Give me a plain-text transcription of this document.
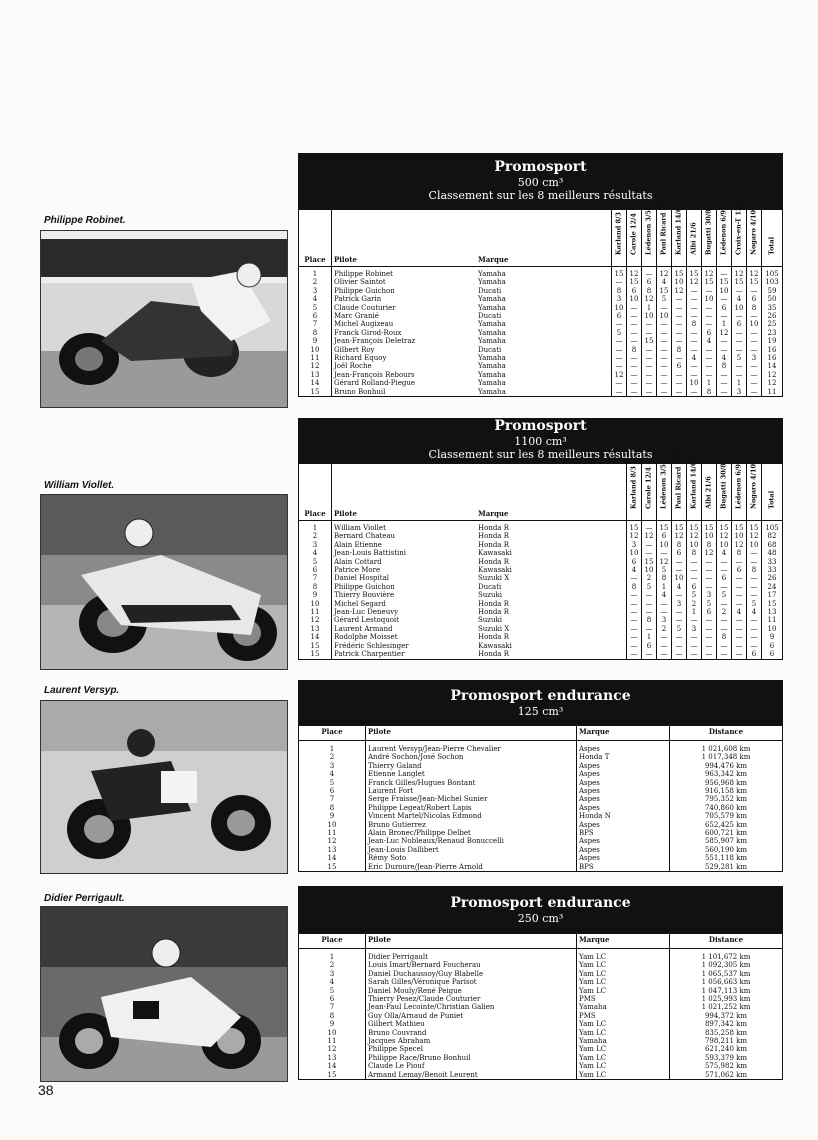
Philippe Robinet.
William Viollet.
Laurent Versyp.
Didier Perrigault.
Promosport
500 cm³
Classement sur les 8 meilleurs résultats
Place	Pilote	Marque	Karland 8/3	Carole 12/4	Lédenon 3/5	Paul Ricard 8/6	Karland 14/6	Albi 21/6	Bugatti 30/8	Lédenon 6/9	Croix-en-T 13/9	Nogaro 4/10	Total

1	Philippe Robinet	Yamaha	15	12	—	12	15	15	12	—	12	12	105
2	Olivier Saintot	Yamaha	—	15	6	4	10	12	15	15	15	15	103
3	Philippe Guichon	Ducati	8	6	8	15	12	—	—	10	—	—	59
4	Patrick Garin	Yamaha	3	10	12	5	—	—	10	—	4	6	50
5	Claude Couturier	Yamaha	10	—	1	—	—	—	—	6	10	8	35
6	Marc Granié	Ducati	6	—	10	10	—	—	—	—	—	—	26
7	Michel Augizeau	Yamaha	—	—	—	—	—	8	—	1	6	10	25
8	Franck Girod-Roux	Yamaha	5	—	—	—	—	—	6	12	—	—	23
9	Jean-François Deletraz	Yamaha	—	—	15	—	—	—	4	—	—	—	19
10	Gilbert Roy	Ducati	—	8	—	—	8	—	—	—	—	—	16
11	Richard Equoy	Yamaha	—	—	—	—	—	4	—	4	5	3	16
12	Joël Roche	Yamaha	—	—	—	—	6	—	—	8	—	—	14
13	Jean-François Rebours	Yamaha	12	—	—	—	—	—	—	—	—	—	12
14	Gérard Rolland-Piegue	Yamaha	—	—	—	—	—	10	1	—	1	—	12
15	Bruno Bonhuil	Yamaha	—	—	—	—	—	—	8	—	3	—	11
Promosport
1100 cm³
Classement sur les 8 meilleurs résultats
Place	Pilote	Marque	Karland 8/3	Carole 12/4	Lédenon 3/5	Paul Ricard 8/6	Karland 14/6	Albi 21/6	Bugatti 30/8	Lédenon 6/9	Nogaro 4/10	Total

1	William Viollet	Honda R	15	—	15	15	15	15	15	15	15	105
2	Bernard Chateau	Honda R	12	12	6	12	12	10	12	10	12	82
3	Alain Etienne	Honda R	3	—	10	8	10	8	10	12	10	68
4	Jean-Louis Battistini	Kawasaki	10	—	—	6	8	12	4	8	—	48
5	Alain Cottard	Honda R	6	15	12	—	—	—	—	—	—	33
6	Patrice More	Kawasaki	4	10	5	—	—	—	—	6	8	33
7	Daniel Hospital	Suzuki X	—	2	8	10	—	—	6	—	—	26
8	Philippe Guichon	Ducati	8	5	1	4	6	—	—	—	—	24
9	Thierry Bouvière	Suzuki	—	—	4	—	5	3	5	—	—	17
10	Michel Segard	Honda R	—	—	—	3	2	5	—	—	5	15
11	Jean-Luc Deneuvy	Honda R	—	—	—	—	1	6	2	4	4	13
12	Gérard Lestoquoit	Suzuki	—	8	3	—	—	—	—	—	—	11
13	Laurent Armand	Suzuki X	—	—	2	5	3	—	—	—	—	10
14	Rodolphe Moisset	Honda R	—	1	—	—	—	—	8	—	—	9
15	Frédéric Schlesinger	Kawasaki	—	6	—	—	—	—	—	—	—	6
15	Patrick Charpentier	Honda R	—	—	—	—	—	—	—	—	6	6
Promosport endurance
125 cm³
Place	Pilote	Marque	Distance
1	Laurent Versyp/Jean-Pierre Chevalier	Aspes	1 021,608 km
2	André Sochon/José Sochon	Honda T	1 017,348 km
3	Thierry Galand	Aspes	994,476 km
4	Etienne Langlet	Aspes	963,342 km
5	Franck Gilles/Hugues Bontant	Aspes	956,968 km
6	Laurent Fort	Aspes	916,158 km
7	Serge Fraisse/Jean-Michel Sunier	Aspes	795,352 km
8	Philippe Legeat/Robert Lapis	Aspes	740,860 km
9	Vincent Martel/Nicolas Edmond	Honda N	705,579 km
10	Bruno Gutierrez	Aspes	652,425 km
11	Alain Bronec/Philippe Delbet	BPS	600,721 km
12	Jean-Luc Nobleaux/Renaud Bonuccelli	Aspes	585,907 km
13	Jean-Louis Dallibert	Aspes	560,190 km
14	Rémy Soto	Aspes	551,118 km
15	Eric Duroure/Jean-Pierre Arnold	BPS	529,281 km
Promosport endurance
250 cm³
Place	Pilote	Marque	Distance
1	Didier Perrigault	Yam LC	1 101,672 km
2	Louis Imart/Bernard Foucherau	Yam LC	1 092,305 km
3	Daniel Duchaussoy/Guy Blabelle	Yam LC	1 065,537 km
4	Sarah Gilles/Véronique Parisot	Yam LC	1 056,663 km
5	Daniel Mouly/René Peigue	Yam LC	1 047,113 km
6	Thierry Pesez/Claude Couturier	PMS	1 025,993 km
7	Jean-Paul Lecointe/Christian Galien	Yamaha	1 021,252 km
8	Guy Olla/Arnaud de Puniet	PMS	994,372 km
9	Gilbert Mathieu	Yam LC	897,342 km
10	Bruno Couvrand	Yam LC	835,258 km
11	Jacques Abraham	Yamaha	798,211 km
12	Philippe Specel	Yam LC	621,240 km
13	Philippe Race/Bruno Bonhuil	Yam LC	593,379 km
14	Claude Le Piouf	Yam LC	575,982 km
15	Armand Lemay/Benoit Leurent	Yam LC	571,062 km
38
